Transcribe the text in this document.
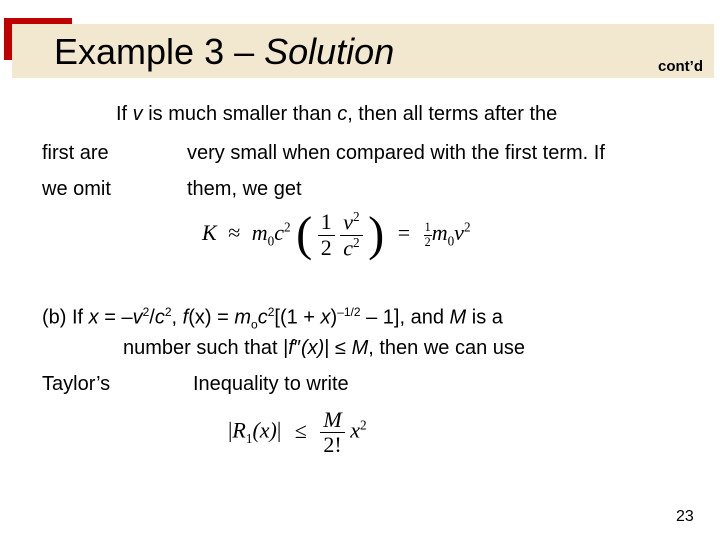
Example 3 – Solution	cont’d
If v is much smaller than c, then all terms after the
first are	very small when compared with the first term. If
we omit	them, we get
$K \approx m_0c^2$ ( $\frac{1}{2}$
$\frac{v^2}{c^2}$ ) = $\frac{1}{2} m_0v^2$
(b) If $x = -v^2/c^2$, $f(x) = m_oc^2[(1 + x)^{-1/2} - 1]$, and M is a
number such that |f″(x)| ≤ M, then we can use
Taylor’s	Inequality to write
$|R_1(x)| \le \frac{M}{2!} x^2$
23
